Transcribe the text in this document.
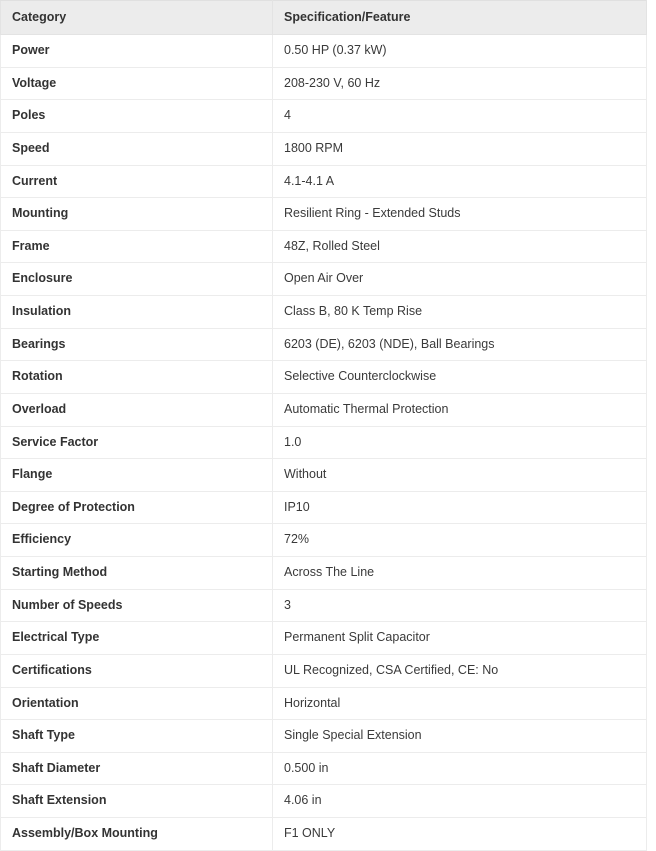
Category	Specification/Feature
Power	0.50 HP (0.37 kW)
Voltage	208-230 V, 60 Hz
Poles	4
Speed	1800 RPM
Current	4.1-4.1 A
Mounting	Resilient Ring - Extended Studs
Frame	48Z, Rolled Steel
Enclosure	Open Air Over
Insulation	Class B, 80 K Temp Rise
Bearings	6203 (DE), 6203 (NDE), Ball Bearings
Rotation	Selective Counterclockwise
Overload	Automatic Thermal Protection
Service Factor	1.0
Flange	Without
Degree of Protection	IP10
Efficiency	72%
Starting Method	Across The Line
Number of Speeds	3
Electrical Type	Permanent Split Capacitor
Certifications	UL Recognized, CSA Certified, CE: No
Orientation	Horizontal
Shaft Type	Single Special Extension
Shaft Diameter	0.500 in
Shaft Extension	4.06 in
Assembly/Box Mounting	F1 ONLY
